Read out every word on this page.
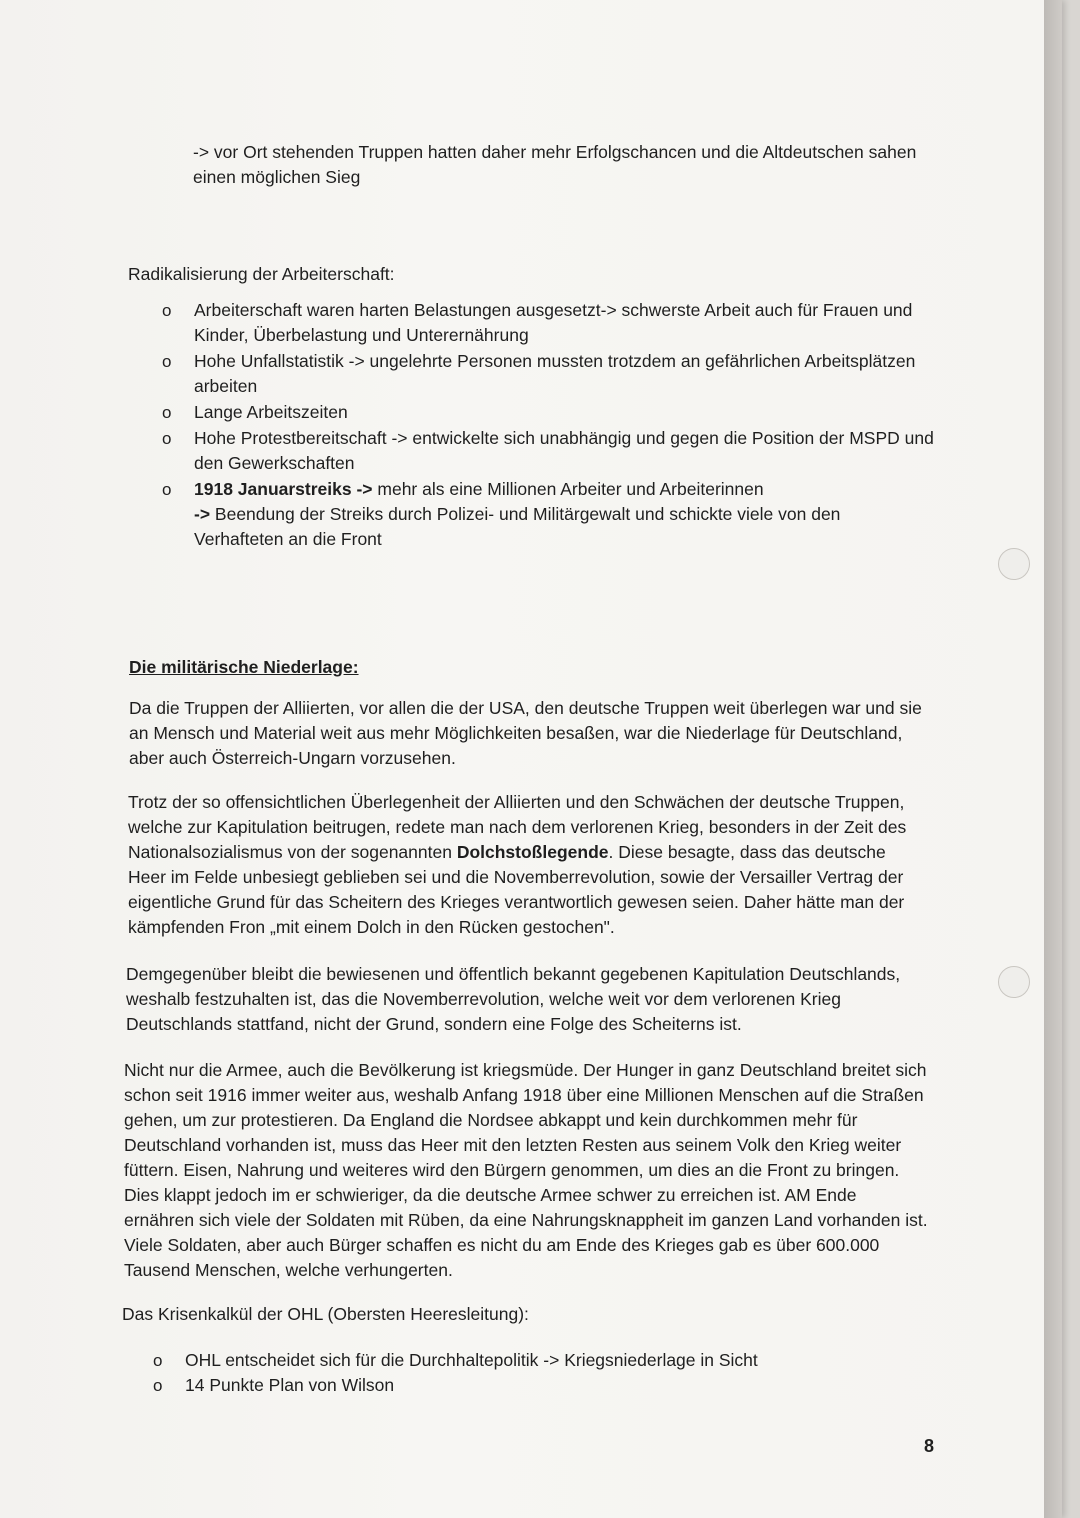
-> vor Ort stehenden Truppen hatten daher mehr Erfolgschancen und die Altdeutschen sahen einen möglichen Sieg

Radikalisierung der Arbeiterschaft:

o Arbeiterschaft waren harten Belastungen ausgesetzt-> schwerste Arbeit auch für Frauen und Kinder, Überbelastung und Unterernährung
o Hohe Unfallstatistik -> ungelehrte Personen mussten trotzdem an gefährlichen Arbeitsplätzen arbeiten
o Lange Arbeitszeiten
o Hohe Protestbereitschaft -> entwickelte sich unabhängig und gegen die Position der MSPD und den Gewerkschaften
o 1918 Januarstreiks -> mehr als eine Millionen Arbeiter und Arbeiterinnen
-> Beendung der Streiks durch Polizei- und Militärgewalt und schickte viele von den Verhafteten an die Front

Die militärische Niederlage:

Da die Truppen der Alliierten, vor allen die der USA, den deutsche Truppen weit überlegen war und sie an Mensch und Material weit aus mehr Möglichkeiten besaßen, war die Niederlage für Deutschland, aber auch Österreich-Ungarn vorzusehen.

Trotz der so offensichtlichen Überlegenheit der Alliierten und den Schwächen der deutsche Truppen, welche zur Kapitulation beitrugen, redete man nach dem verlorenen Krieg, besonders in der Zeit des Nationalsozialismus von der sogenannten Dolchstoßlegende. Diese besagte, dass das deutsche Heer im Felde unbesiegt geblieben sei und die Novemberrevolution, sowie der Versailler Vertrag der eigentliche Grund für das Scheitern des Krieges verantwortlich gewesen seien. Daher hätte man der kämpfenden Fron „mit einem Dolch in den Rücken gestochen".

Demgegenüber bleibt die bewiesenen und öffentlich bekannt gegebenen Kapitulation Deutschlands, weshalb festzuhalten ist, das die Novemberrevolution, welche weit vor dem verlorenen Krieg Deutschlands stattfand, nicht der Grund, sondern eine Folge des Scheiterns ist.

Nicht nur die Armee, auch die Bevölkerung ist kriegsmüde. Der Hunger in ganz Deutschland breitet sich schon seit 1916 immer weiter aus, weshalb Anfang 1918 über eine Millionen Menschen auf die Straßen gehen, um zur protestieren. Da England die Nordsee abkappt und kein durchkommen mehr für Deutschland vorhanden ist, muss das Heer mit den letzten Resten aus seinem Volk den Krieg weiter füttern. Eisen, Nahrung und weiteres wird den Bürgern genommen, um dies an die Front zu bringen. Dies klappt jedoch im er schwieriger, da die deutsche Armee schwer zu erreichen ist. AM Ende ernähren sich viele der Soldaten mit Rüben, da eine Nahrungsknappheit im ganzen Land vorhanden ist. Viele Soldaten, aber auch Bürger schaffen es nicht du am Ende des Krieges gab es über 600.000 Tausend Menschen, welche verhungerten.

Das Krisenkalkül der OHL (Obersten Heeresleitung):

o OHL entscheidet sich für die Durchhaltepolitik -> Kriegsniederlage in Sicht
o 14 Punkte Plan von Wilson
8
